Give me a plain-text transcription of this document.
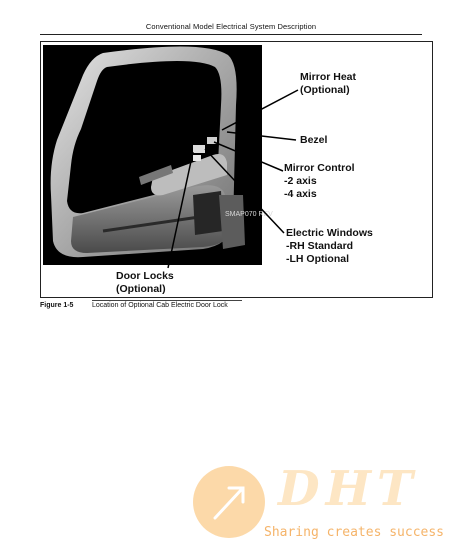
Conventional Model Electrical System Description
SMAP070 REV
Mirror Heat
(Optional)
Bezel
Mirror Control
-2 axis
-4 axis
Electric Windows
-RH Standard
-LH Optional
Door Locks
(Optional)
Figure 1-5	Location of Optional Cab Electric Door Lock
DHT
Sharing creates success
